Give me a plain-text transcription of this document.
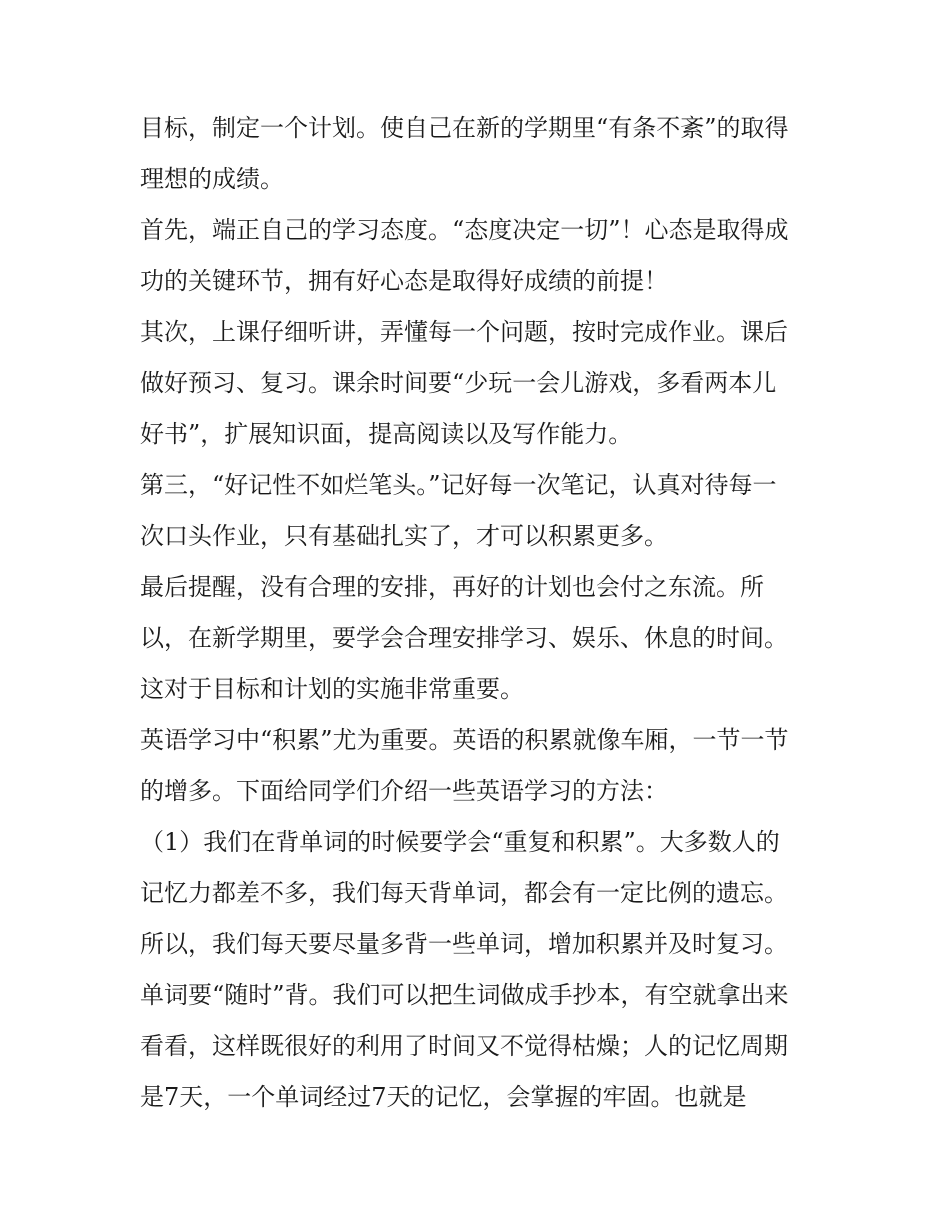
目标，制定一个计划。使自己在新的学期里“有条不紊”的取得

理想的成绩。

首先，端正自己的学习态度。“态度决定一切”！心态是取得成

功的关键环节，拥有好心态是取得好成绩的前提！

其次，上课仔细听讲，弄懂每一个问题，按时完成作业。课后

做好预习、复习。课余时间要“少玩一会儿游戏，多看两本儿

好书”，扩展知识面，提高阅读以及写作能力。

第三，“好记性不如烂笔头。”记好每一次笔记，认真对待每一

次口头作业，只有基础扎实了，才可以积累更多。

最后提醒，没有合理的安排，再好的计划也会付之东流。所

以，在新学期里，要学会合理安排学习、娱乐、休息的时间。

这对于目标和计划的实施非常重要。

英语学习中“积累”尤为重要。英语的积累就像车厢，一节一节

的增多。下面给同学们介绍一些英语学习的方法：

（1）我们在背单词的时候要学会“重复和积累”。大多数人的

记忆力都差不多，我们每天背单词，都会有一定比例的遗忘。

所以，我们每天要尽量多背一些单词，增加积累并及时复习。

单词要“随时”背。我们可以把生词做成手抄本，有空就拿出来

看看，这样既很好的利用了时间又不觉得枯燥；人的记忆周期

是7天，一个单词经过7天的记忆，会掌握的牢固。也就是
